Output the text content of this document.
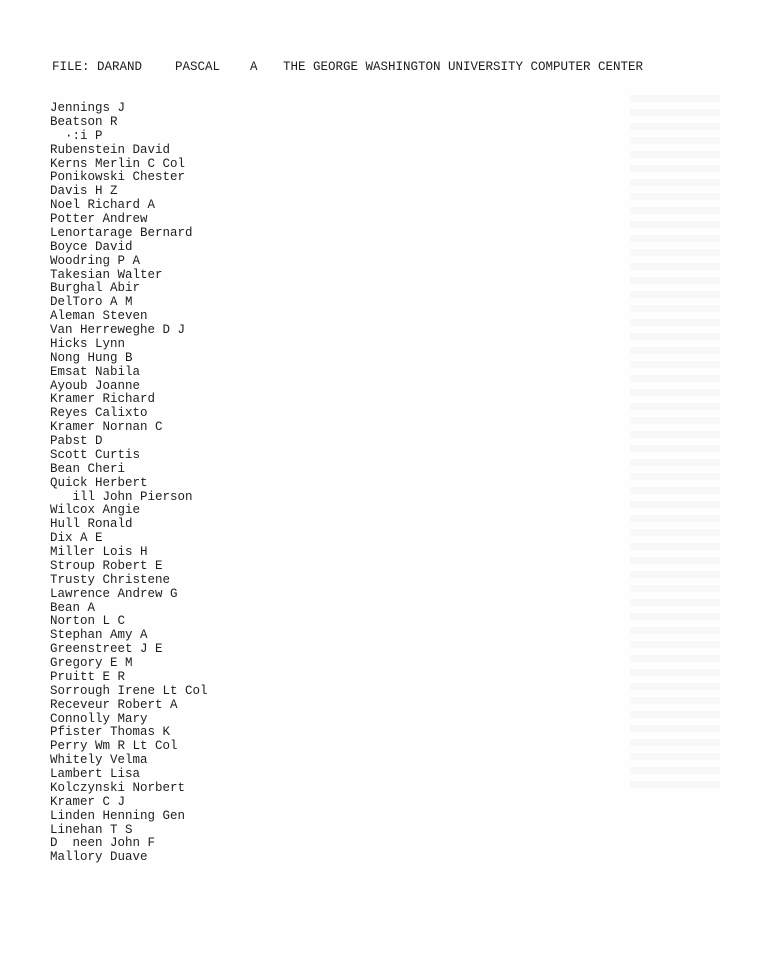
FILE: DARAND	PASCAL	A	THE GEORGE WASHINGTON UNIVERSITY COMPUTER CENTER
Jennings J
Beatson R
·:i P
Rubenstein David
Kerns Merlin C Col
Ponikowski Chester
Davis H Z
Noel Richard A
Potter Andrew
Lenortarage Bernard
Boyce David
Woodring P A
Takesian Walter
Burghal Abir
DelToro A M
Aleman Steven
Van Herreweghe D J
Hicks Lynn
Nong Hung B
Emsat Nabila
Ayoub Joanne
Kramer Richard
Reyes Calixto
Kramer Nornan C
Pabst D
Scott Curtis
Bean Cheri
Quick Herbert
ill John Pierson
Wilcox Angie
Hull Ronald
Dix A E
Miller Lois H
Stroup Robert E
Trusty Christene
Lawrence Andrew G
Bean A
Norton L C
Stephan Amy A
Greenstreet J E
Gregory E M
Pruitt E R
Sorrough Irene Lt Col
Receveur Robert A
Connolly Mary
Pfister Thomas K
Perry Wm R Lt Col
Whitely Velma
Lambert Lisa
Kolczynski Norbert
Kramer C J
Linden Henning Gen
Linehan T S
D  neen John F
Mallory Duave
